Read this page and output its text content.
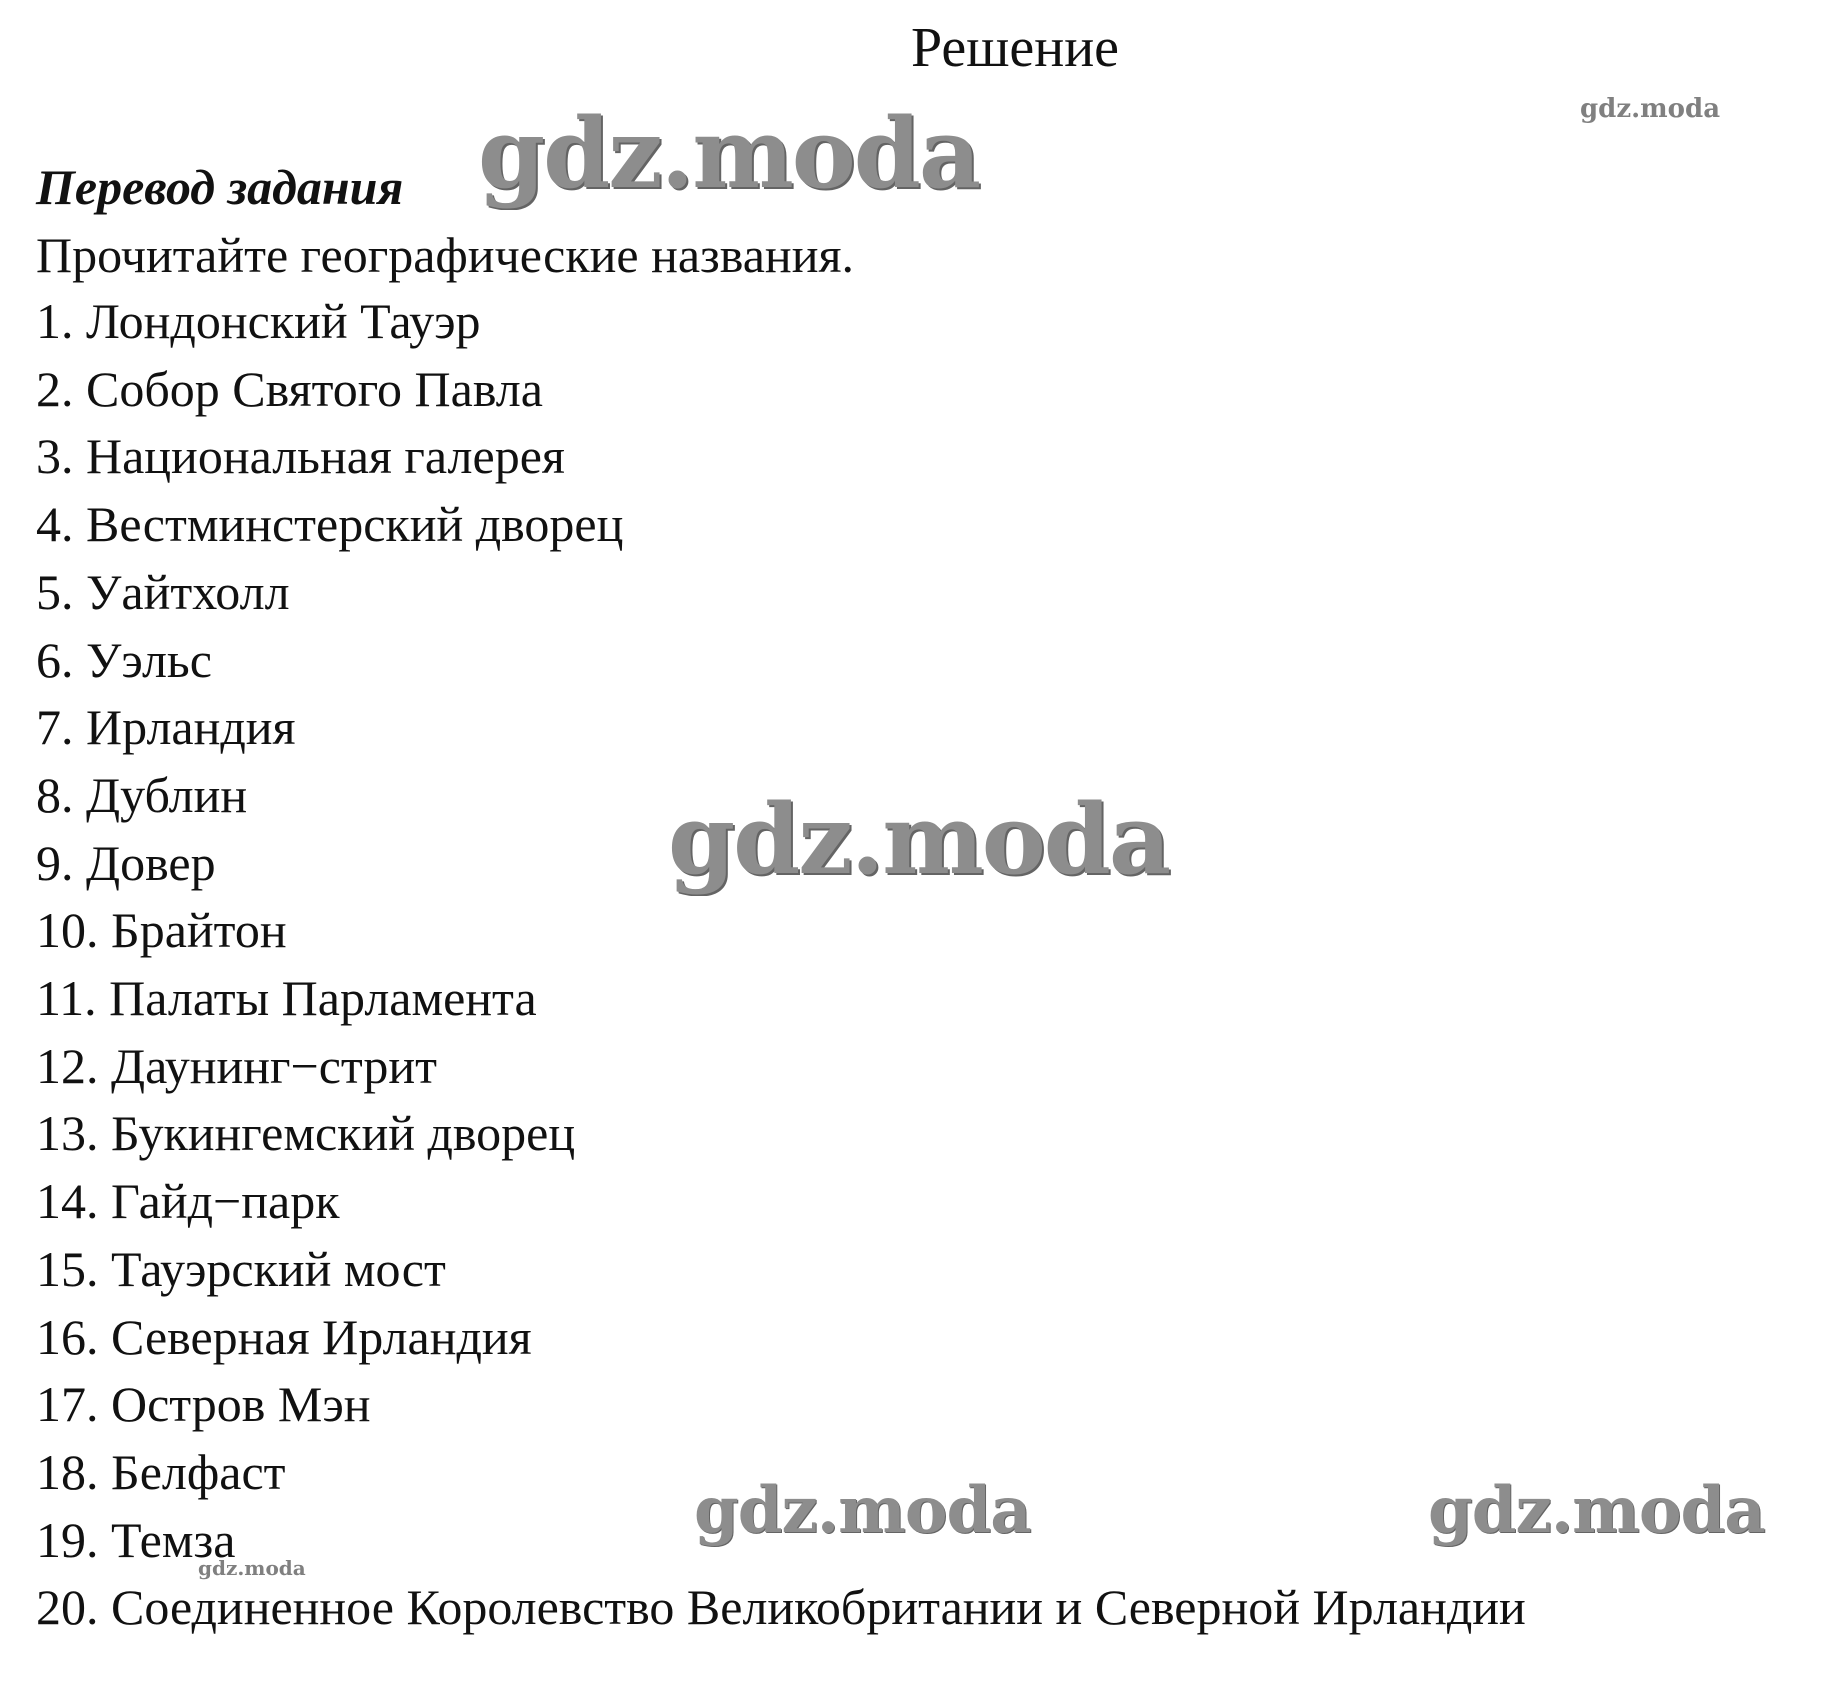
Решение

Перевод задания

Прочитайте географические названия.

1. Лондонский Тауэр
2. Собор Святого Павла
3. Национальная галерея
4. Вестминстерский дворец
5. Уайтхолл
6. Уэльс
7. Ирландия
8. Дублин
9. Довер
10. Брайтон
11. Палаты Парламента
12. Даунинг−стрит
13. Букингемский дворец
14. Гайд−парк
15. Тауэрский мост
16. Северная Ирландия
17. Остров Мэн
18. Белфаст
19. Темза
20. Соединенное Королевство Великобритании и Северной Ирландии
gdz.moda	gdz.moda
gdz.moda
gdz.moda	gdz.moda
gdz.moda
